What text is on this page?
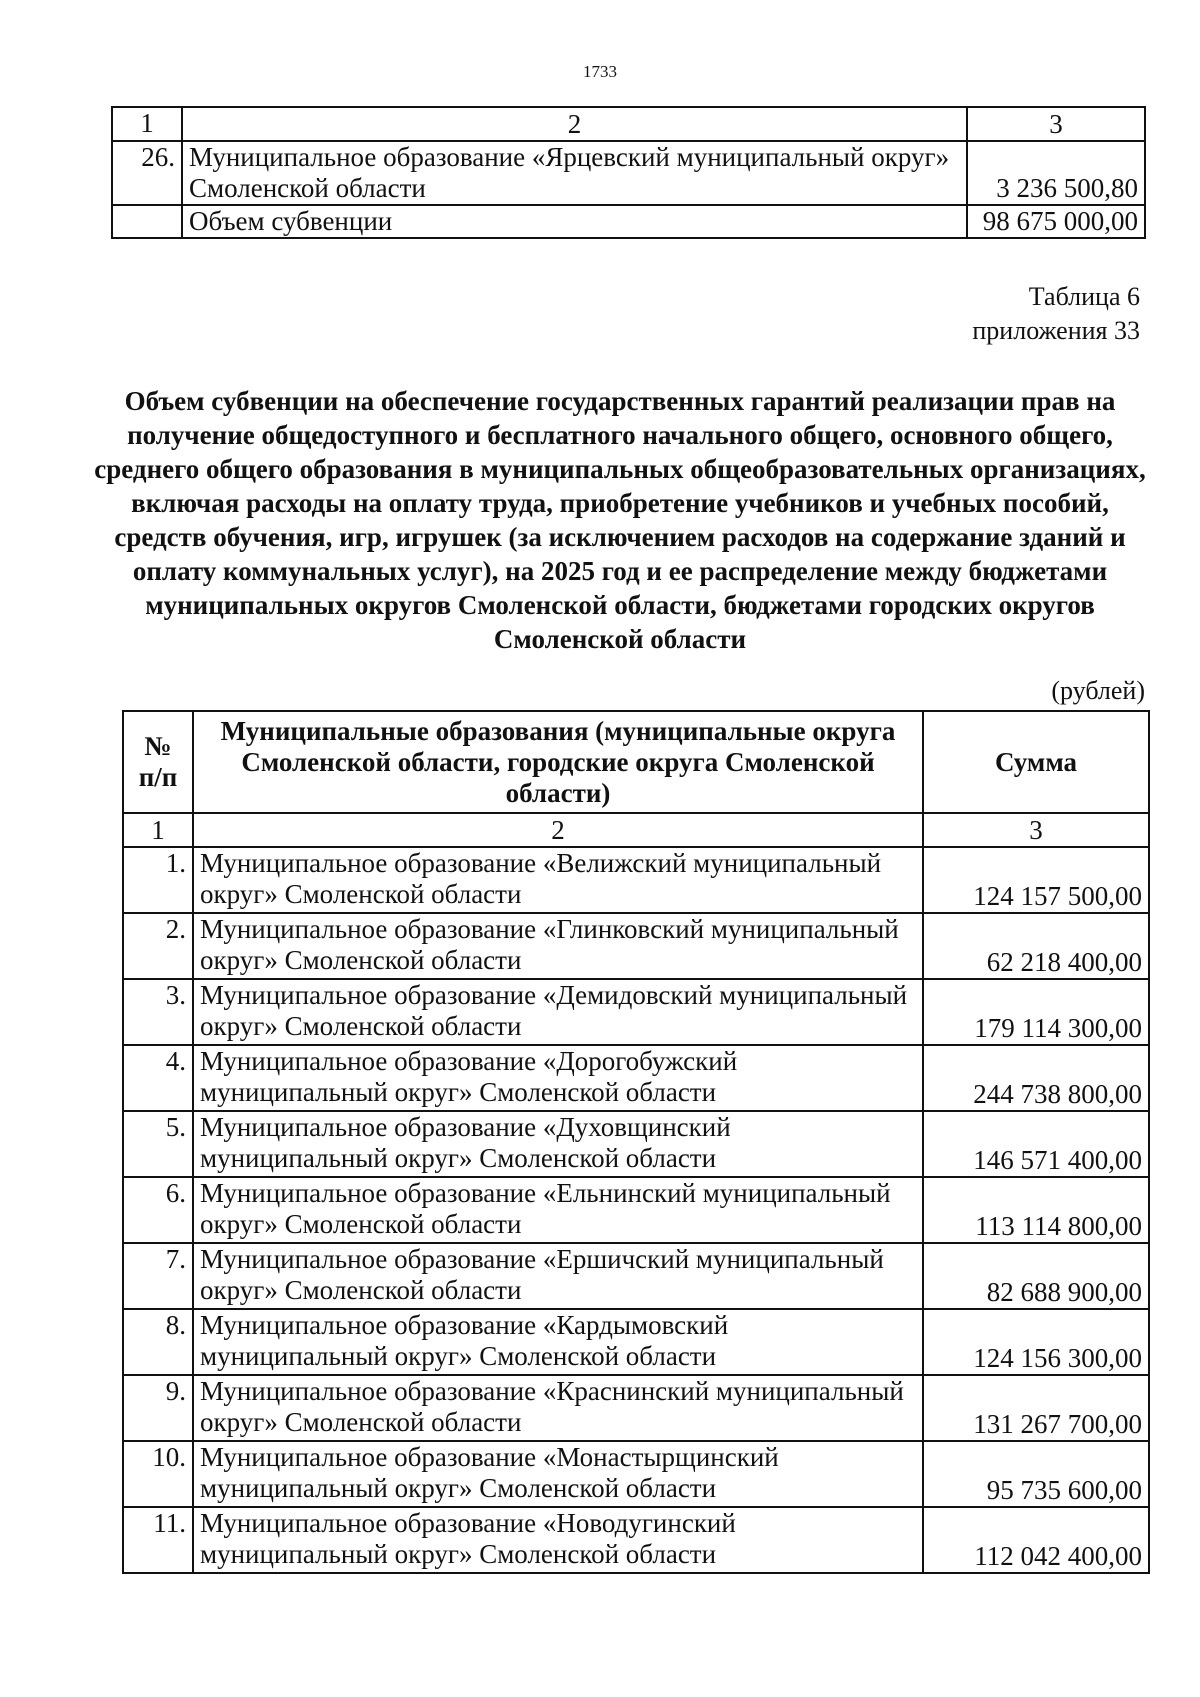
1733
1	2	3
26.	Муниципальное образование «Ярцевский муниципальный округ» Смоленской области	3 236 500,80
	Объем субвенции	98 675 000,00
Таблица 6
приложения 33
Объем субвенции на обеспечение государственных гарантий реализации прав на получение общедоступного и бесплатного начального общего, основного общего, среднего общего образования в муниципальных общеобразовательных организациях, включая расходы на оплату труда, приобретение учебников и учебных пособий, средств обучения, игр, игрушек (за исключением расходов на содержание зданий и оплату коммунальных услуг), на 2025 год и ее распределение между бюджетами муниципальных округов Смоленской области, бюджетами городских округов Смоленской области
(рублей)
№ п/п	Муниципальные образования (муниципальные округа Смоленской области, городские округа Смоленской области)	Сумма
1	2	3
1.	Муниципальное образование «Велижский муниципальный округ» Смоленской области	124 157 500,00
2.	Муниципальное образование «Глинковский муниципальный округ» Смоленской области	62 218 400,00
3.	Муниципальное образование «Демидовский муниципальный округ» Смоленской области	179 114 300,00
4.	Муниципальное образование «Дорогобужский муниципальный округ» Смоленской области	244 738 800,00
5.	Муниципальное образование «Духовщинский муниципальный округ» Смоленской области	146 571 400,00
6.	Муниципальное образование «Ельнинский муниципальный округ» Смоленской области	113 114 800,00
7.	Муниципальное образование «Ершичский муниципальный округ» Смоленской области	82 688 900,00
8.	Муниципальное образование «Кардымовский муниципальный округ» Смоленской области	124 156 300,00
9.	Муниципальное образование «Краснинский муниципальный округ» Смоленской области	131 267 700,00
10.	Муниципальное образование «Монастырщинский муниципальный округ» Смоленской области	95 735 600,00
11.	Муниципальное образование «Новодугинский муниципальный округ» Смоленской области	112 042 400,00
